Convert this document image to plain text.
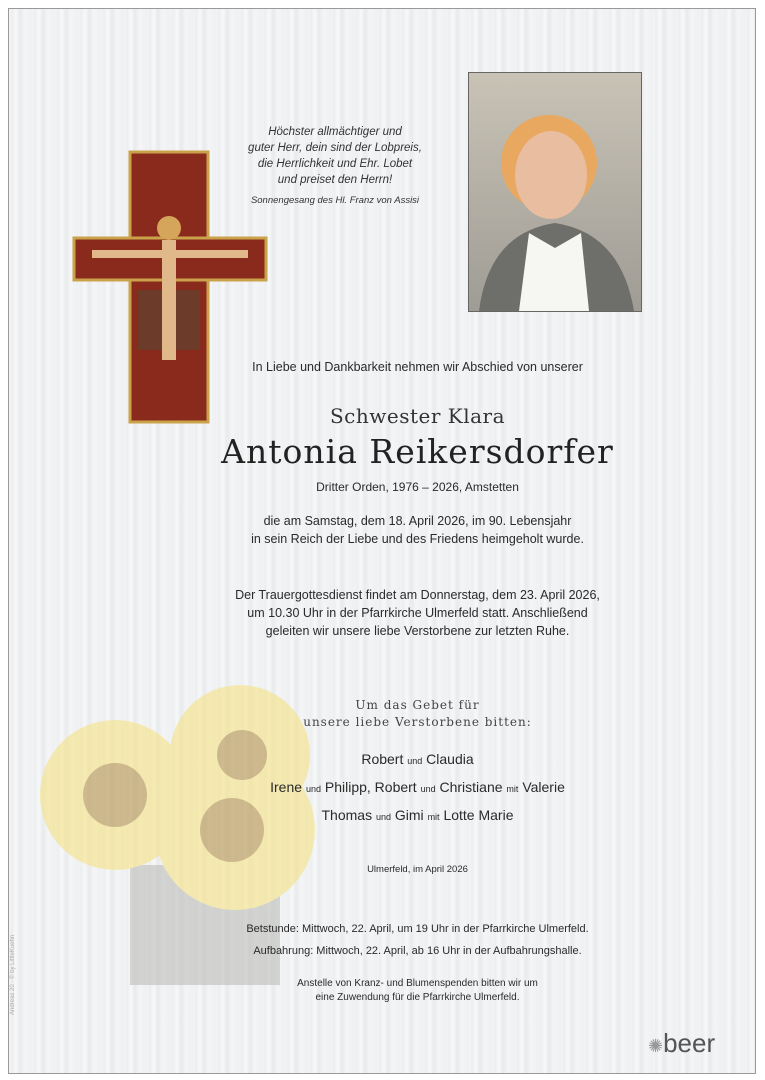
Höchster allmächtiger und
guter Herr, dein sind der Lobpreis,
die Herrlichkeit und Ehr. Lobet
und preiset den Herrn!
Sonnengesang des Hl. Franz von Assisi
In Liebe und Dankbarkeit nehmen wir Abschied von unserer
Schwester Klara
Antonia Reikersdorfer
Dritter Orden, 1976 – 2026, Amstetten
die am Samstag, dem 18. April 2026, im 90. Lebensjahr
in sein Reich der Liebe und des Friedens heimgeholt wurde.
Der Trauergottesdienst findet am Donnerstag, dem 23. April 2026,
um 10.30 Uhr in der Pfarrkirche Ulmerfeld statt. Anschließend
geleiten wir unsere liebe Verstorbene zur letzten Ruhe.
Um das Gebet für
unsere liebe Verstorbene bitten:
Robert und Claudia
Irene und Philipp, Robert und Christiane mit Valerie
Thomas und Gimi mit Lotte Marie
Ulmerfeld, im April 2026
Betstunde: Mittwoch, 22. April, um 19 Uhr in der Pfarrkirche Ulmerfeld.
Aufbahrung: Mittwoch, 22. April, ab 16 Uhr in der Aufbahrungshalle.
Anstelle von Kranz- und Blumenspenden bitten wir um
eine Zuwendung für die Pfarrkirche Ulmerfeld.
✺beer
Andreas 20 · © by LittleKuehn
